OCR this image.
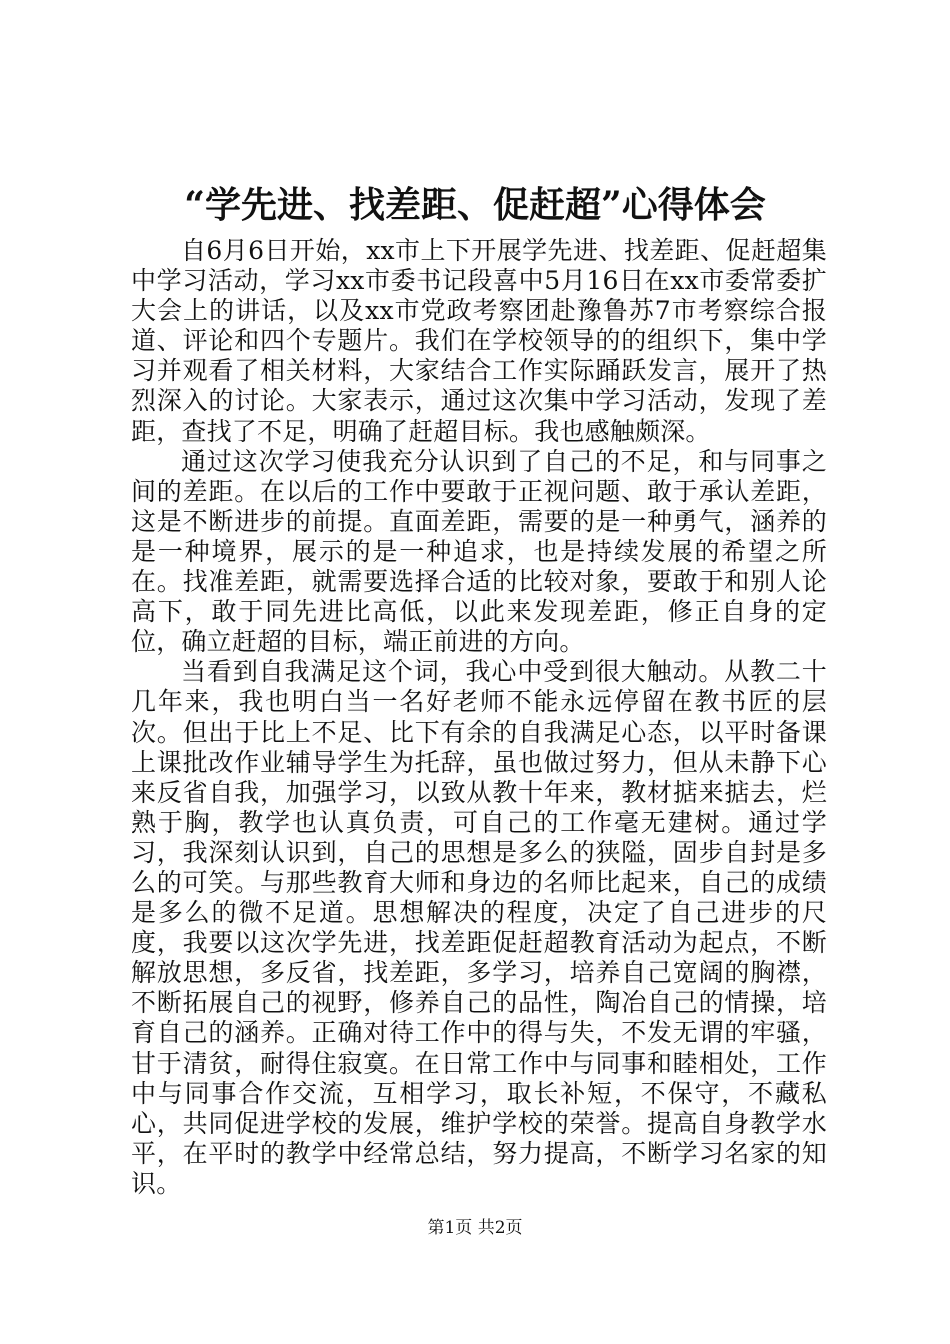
“学先进、找差距、促赶超”心得体会

自6月6日开始，xx市上下开展学先进、找差距、促赶超集中学习活动，学习xx市委书记段喜中5月16日在xx市委常委扩大会上的讲话，以及xx市党政考察团赴豫鲁苏7市考察综合报道、评论和四个专题片。我们在学校领导的的组织下，集中学习并观看了相关材料，大家结合工作实际踊跃发言，展开了热烈深入的讨论。大家表示，通过这次集中学习活动，发现了差距，查找了不足，明确了赶超目标。我也感触颇深。

通过这次学习使我充分认识到了自己的不足，和与同事之间的差距。在以后的工作中要敢于正视问题、敢于承认差距，这是不断进步的前提。直面差距，需要的是一种勇气，涵养的是一种境界，展示的是一种追求，也是持续发展的希望之所在。找准差距，就需要选择合适的比较对象，要敢于和别人论高下，敢于同先进比高低，以此来发现差距，修正自身的定位，确立赶超的目标，端正前进的方向。

当看到自我满足这个词，我心中受到很大触动。从教二十几年来，我也明白当一名好老师不能永远停留在教书匠的层次。但出于比上不足、比下有余的自我满足心态，以平时备课上课批改作业辅导学生为托辞，虽也做过努力，但从未静下心来反省自我，加强学习，以致从教十年来，教材掂来掂去，烂熟于胸，教学也认真负责，可自己的工作毫无建树。通过学习，我深刻认识到，自己的思想是多么的狭隘，固步自封是多么的可笑。与那些教育大师和身边的名师比起来，自己的成绩是多么的微不足道。思想解决的程度，决定了自己进步的尺度，我要以这次学先进，找差距促赶超教育活动为起点，不断解放思想，多反省，找差距，多学习，培养自己宽阔的胸襟，不断拓展自己的视野，修养自己的品性，陶冶自己的情操，培育自己的涵养。正确对待工作中的得与失，不发无谓的牢骚，甘于清贫，耐得住寂寞。在日常工作中与同事和睦相处，工作中与同事合作交流，互相学习，取长补短，不保守，不藏私心，共同促进学校的发展，维护学校的荣誉。提高自身教学水平，在平时的教学中经常总结，努力提高，不断学习名家的知识。

第1页 共2页
